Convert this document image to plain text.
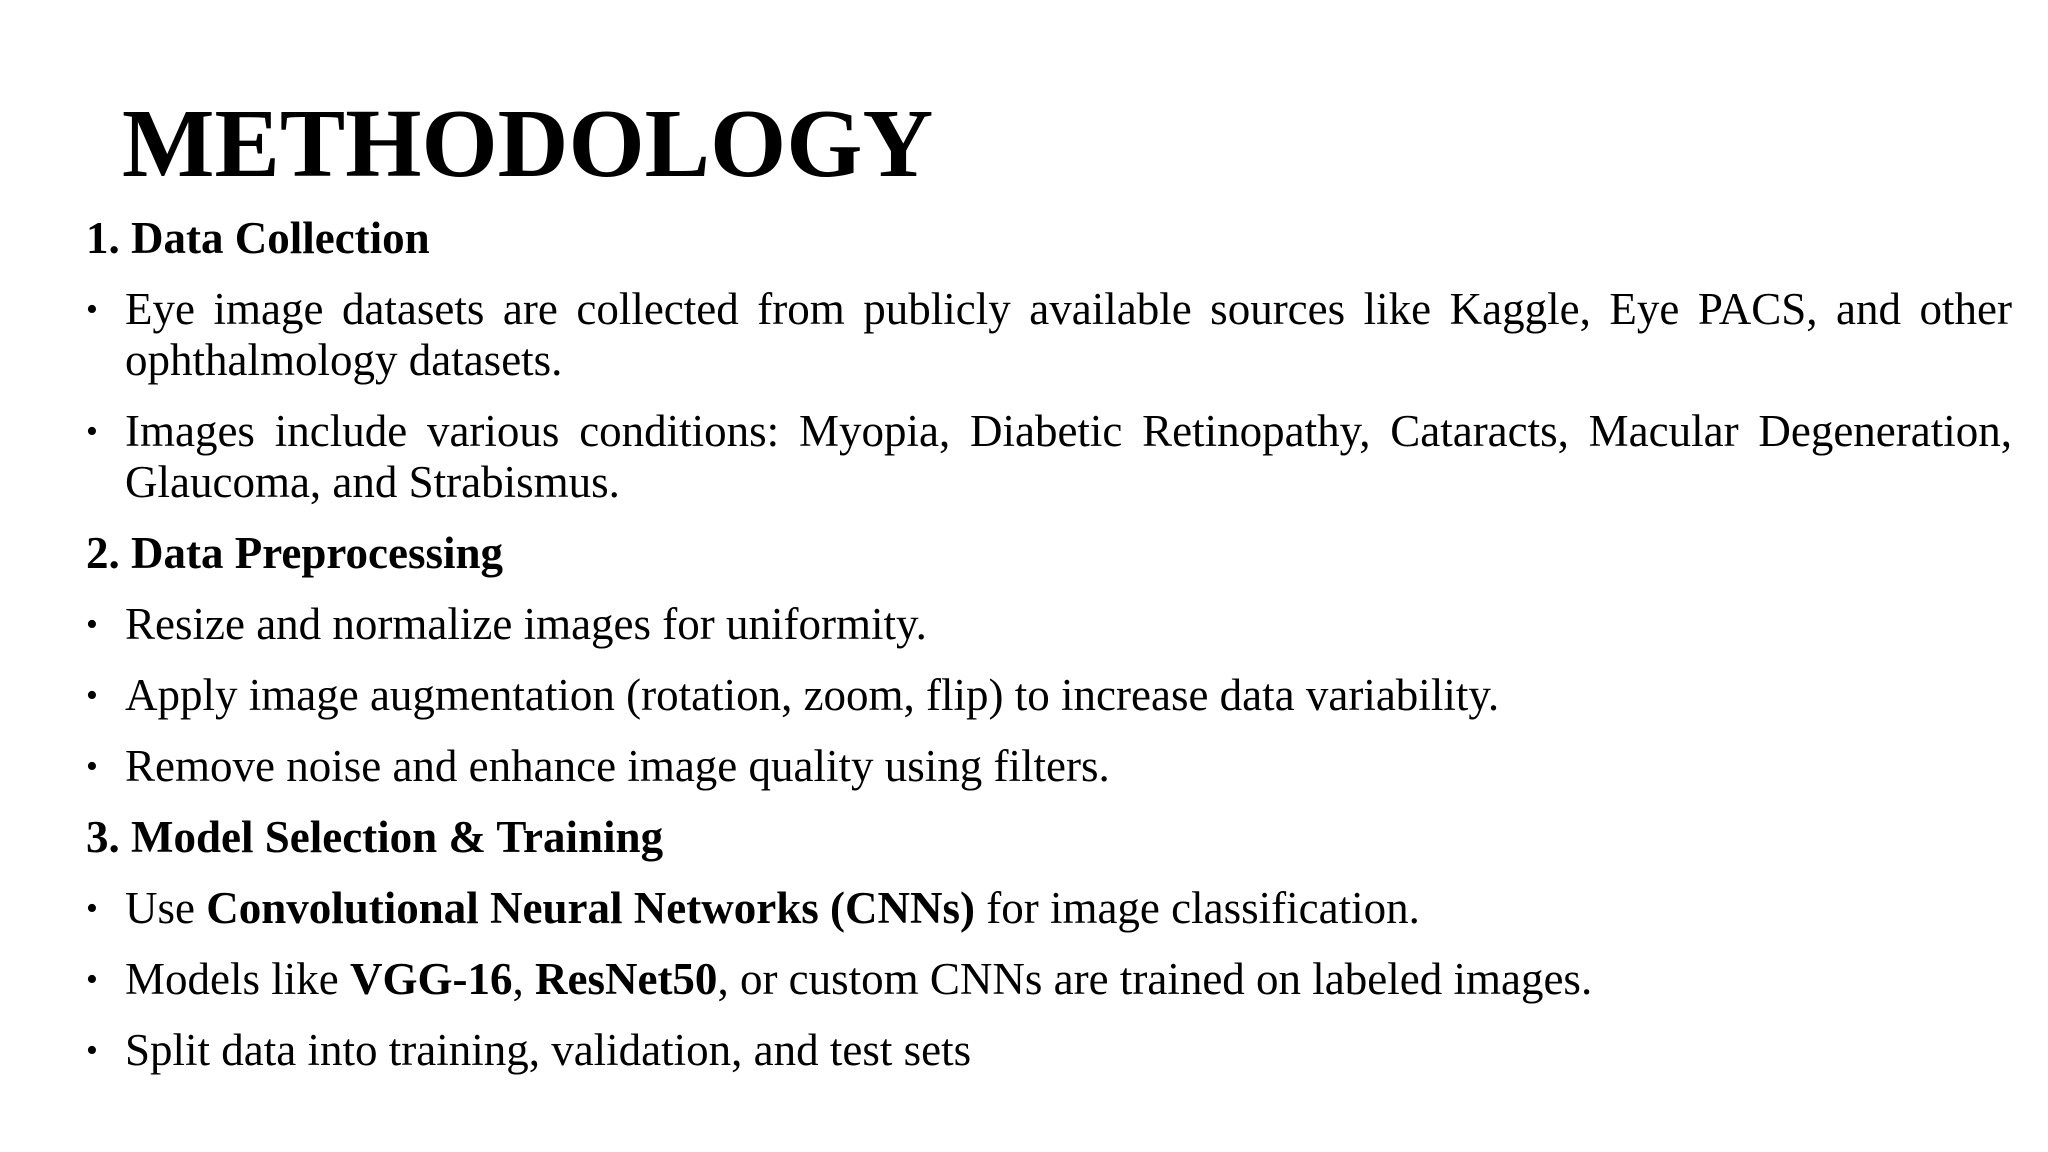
METHODOLOGY

1. Data Collection

• Eye image datasets are collected from publicly available sources like Kaggle, Eye PACS, and other ophthalmology datasets.
• Images include various conditions: Myopia, Diabetic Retinopathy, Cataracts, Macular Degeneration, Glaucoma, and Strabismus.

2. Data Preprocessing

• Resize and normalize images for uniformity.
• Apply image augmentation (rotation, zoom, flip) to increase data variability.
• Remove noise and enhance image quality using filters.

3. Model Selection & Training

• Use Convolutional Neural Networks (CNNs) for image classification.
• Models like VGG-16, ResNet50, or custom CNNs are trained on labeled images.
• Split data into training, validation, and test sets
